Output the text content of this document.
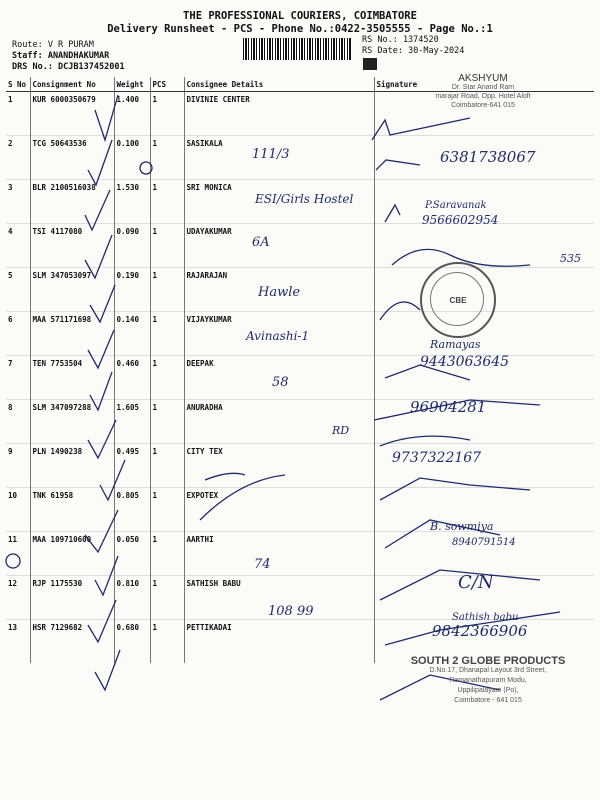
THE PROFESSIONAL COURIERS, COIMBATORE
Delivery Runsheet - PCS - Phone No.:0422-3505555 - Page No.:1
Route: V R PURAM
Staff: ANANDHAKUMAR
DRS No.: DCJB137452001
RS No.: 1374520
RS Date: 30-May-2024
S No	Consignment No	Weight	PCS	Consignee Details	Signature
1	KUR 6000350679	1.400	1	DIVINIE CENTER	
2	TCG 50643536	0.100	1	SASIKALA	
3	BLR 2100516038	1.530	1	SRI MONICA	
4	TSI 4117080	0.090	1	UDAYAKUMAR	
5	SLM 347053097	0.190	1	RAJARAJAN	
6	MAA 571171698	0.140	1	VIJAYKUMAR	
7	TEN 7753504	0.460	1	DEEPAK	
8	SLM 347097288	1.605	1	ANURADHA	
9	PLN 1490238	0.495	1	CITY TEX	
10	TNK 61958	0.805	1	EXPOTEX	
11	MAA 109710600	0.050	1	AARTHI	
12	RJP 1175530	0.810	1	SATHISH BABU	
13	HSR 7129682	0.680	1	PETTIKADAI	
111/3
ESI/Girls Hostel
6A
Hawle
Avinashi-1
58
RD
74
108 99
6381738067
P.Saravanak
9566602954
535
Ramayas
9443063645
96904281
9737322167
B. sowmiya
8940791514
C/N
Sathish babu
9842366906
AKSHYUM
Dr. Star Anand Ram
marajar Road, Opp. Hotel Aloft
Coimbatore-641 015
CBE
SOUTH 2 GLOBE PRODUCTS
D.No.17, Dhanapal Layout 3rd Street,
Ramanathapuram Modu,
Uppilipalayam (Po),
Coimbatore - 641 015
